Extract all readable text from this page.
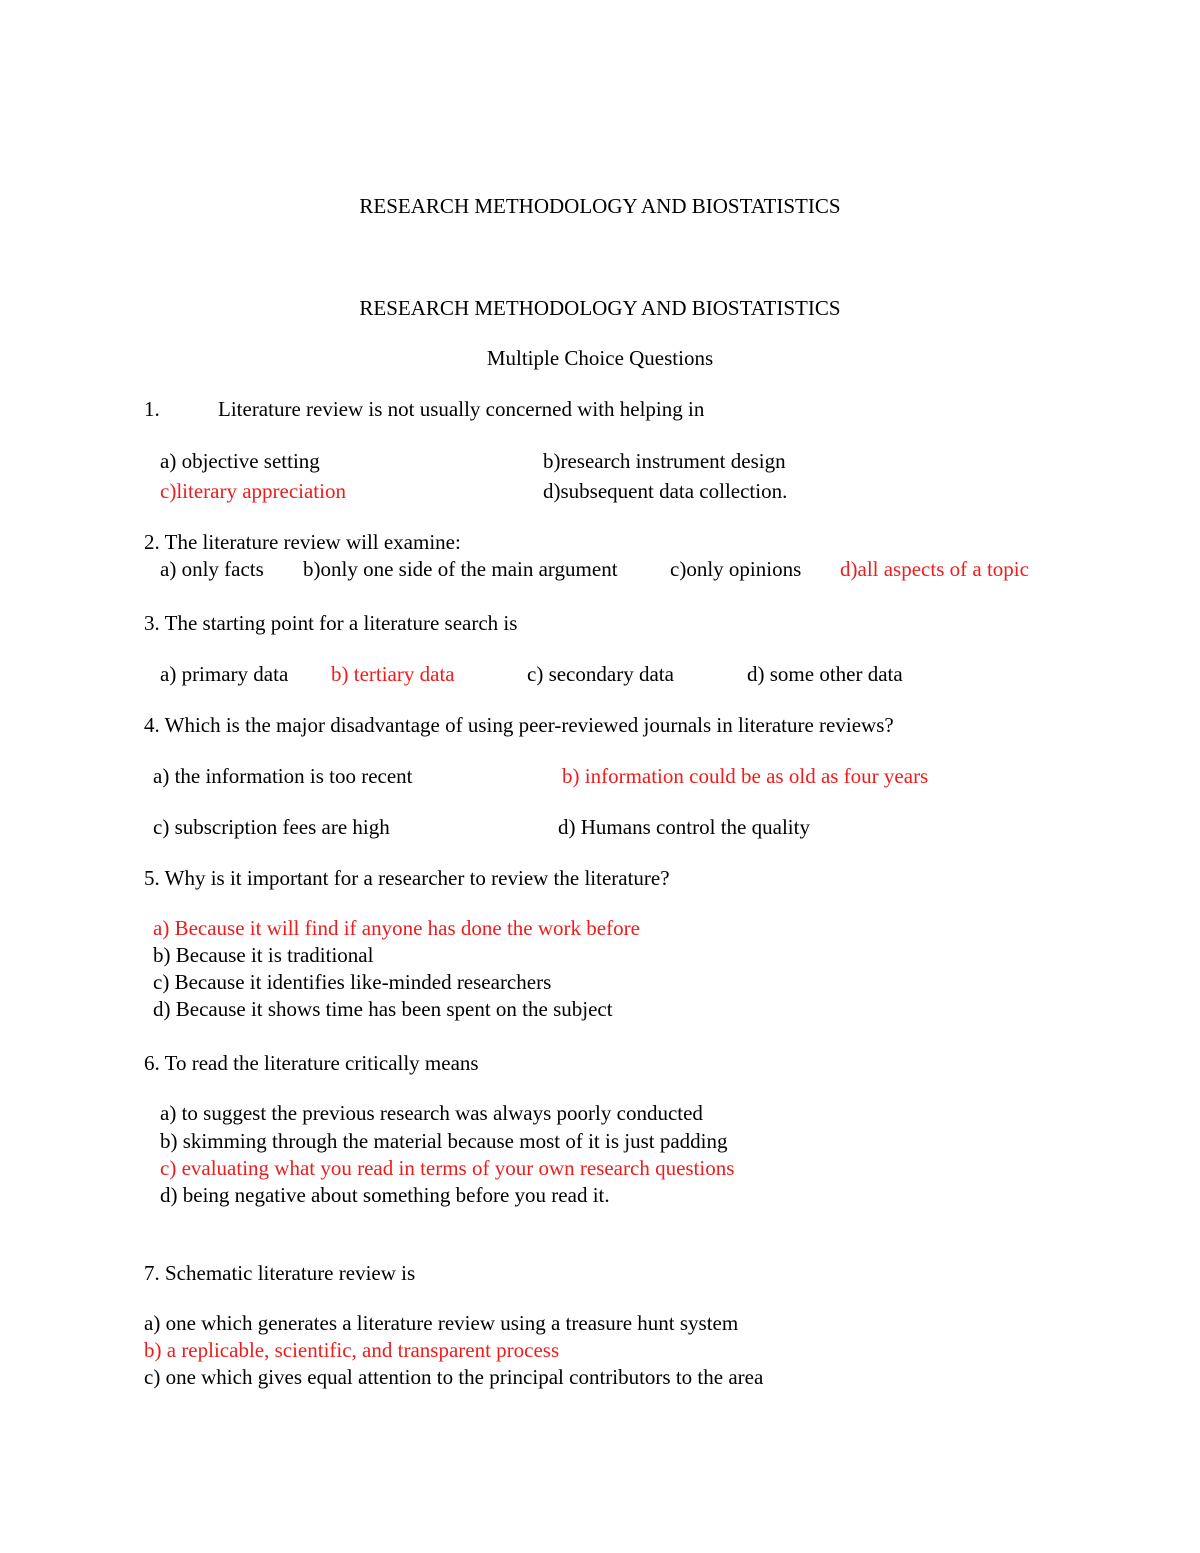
RESEARCH METHODOLOGY AND BIOSTATISTICS
RESEARCH METHODOLOGY AND BIOSTATISTICS
Multiple Choice Questions
1.	Literature review is not usually concerned with helping in
a) objective setting	b)research instrument design
c)literary appreciation	d)subsequent data collection.
2. The literature review will examine:
a) only facts b)only one side of the main argument c)only opinions d)all aspects of a topic
3. The starting point for a literature search is
a) primary data b) tertiary data	c) secondary data	d) some other data
4. Which is the major disadvantage of using peer-reviewed journals in literature reviews?
a) the information is too recent	b) information could be as old as four years
c) subscription fees are high	d) Humans control the quality
5. Why is it important for a researcher to review the literature?
a) Because it will find if anyone has done the work before
b) Because it is traditional
c) Because it identifies like-minded researchers
d) Because it shows time has been spent on the subject
6. To read the literature critically means
a) to suggest the previous research was always poorly conducted
b) skimming through the material because most of it is just padding
c) evaluating what you read in terms of your own research questions
d) being negative about something before you read it.
7. Schematic literature review is
a) one which generates a literature review using a treasure hunt system
b) a replicable, scientific, and transparent process
c) one which gives equal attention to the principal contributors to the area
